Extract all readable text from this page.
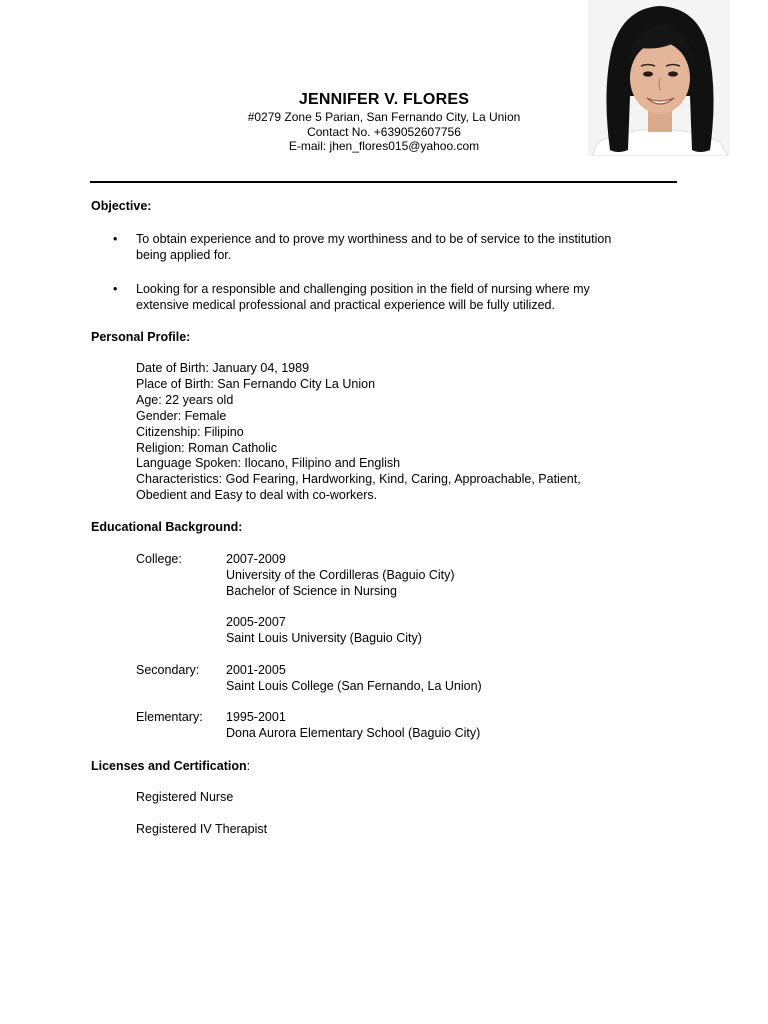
JENNIFER V. FLORES
#0279 Zone 5 Parian, San Fernando City, La Union
Contact No. +639052607756
E-mail: jhen_flores015@yahoo.com
Objective:
• To obtain experience and to prove my worthiness and to be of service to the institution
being applied for.
• Looking for a responsible and challenging position in the field of nursing where my
extensive medical professional and practical experience will be fully utilized.
Personal Profile:
Date of Birth: January 04, 1989
Place of Birth: San Fernando City La Union
Age: 22 years old
Gender: Female
Citizenship: Filipino
Religion: Roman Catholic
Language Spoken: Ilocano, Filipino and English
Characteristics: God Fearing, Hardworking, Kind, Caring, Approachable, Patient,
Obedient and Easy to deal with co-workers.
Educational Background:
College:	2007-2009
University of the Cordilleras (Baguio City)
Bachelor of Science in Nursing
2005-2007
Saint Louis University (Baguio City)
Secondary: 2001-2005
Saint Louis College (San Fernando, La Union)
Elementary: 1995-2001
Dona Aurora Elementary School (Baguio City)
Licenses and Certification:
Registered Nurse
Registered IV Therapist
